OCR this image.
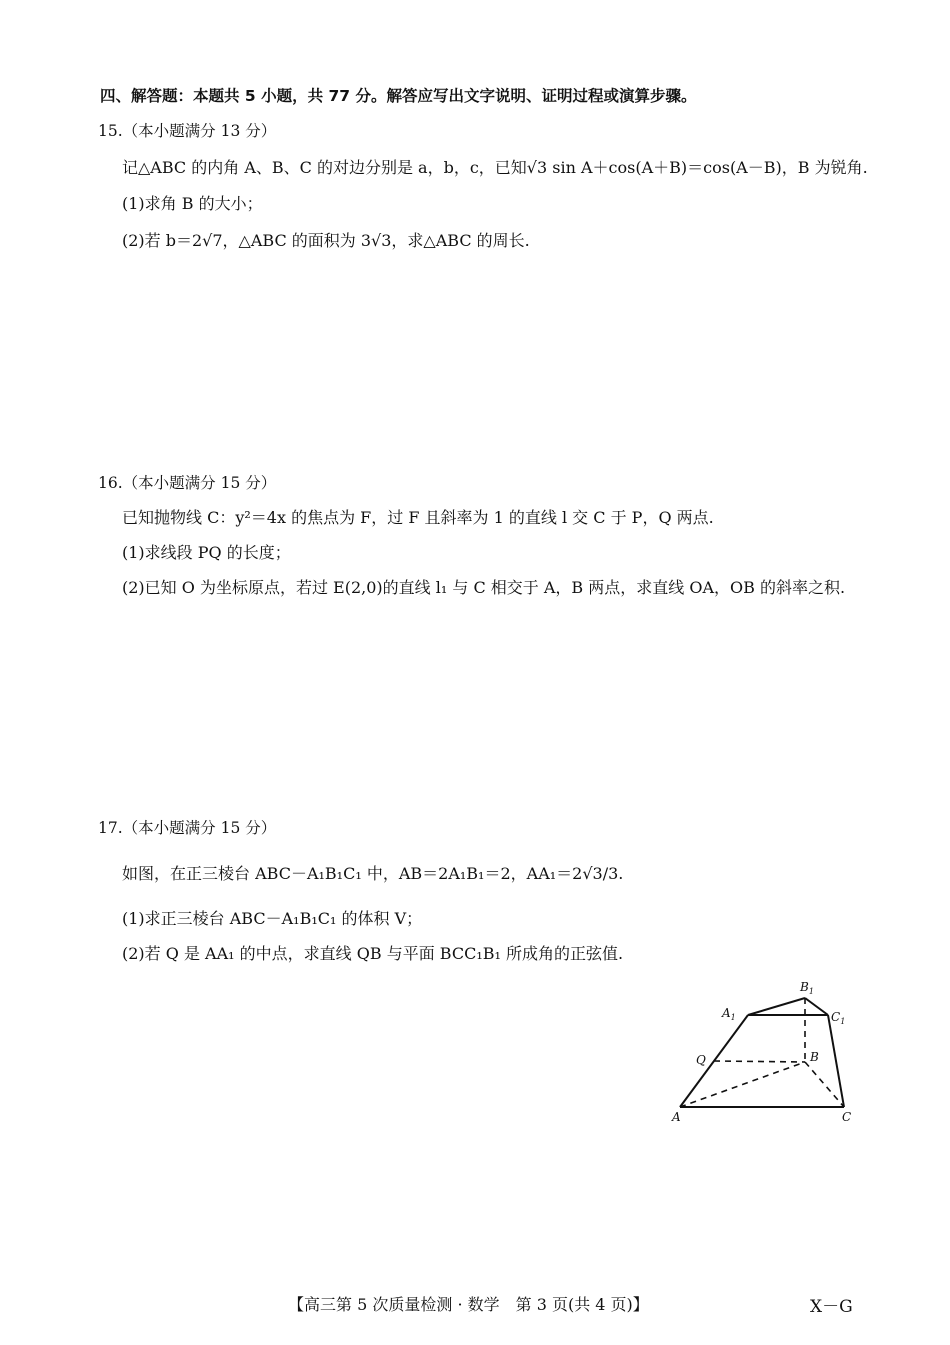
四、解答题：本题共 5 小题，共 77 分。解答应写出文字说明、证明过程或演算步骤。
15.（本小题满分 13 分）
记△ABC 的内角 A、B、C 的对边分别是 a，b，c，已知√3 sin A＋cos(A＋B)＝cos(A－B)，B 为锐角.
(1)求角 B 的大小；
(2)若 b＝2√7，△ABC 的面积为 3√3，求△ABC 的周长.
16.（本小题满分 15 分）
已知抛物线 C：y²＝4x 的焦点为 F，过 F 且斜率为 1 的直线 l 交 C 于 P，Q 两点.
(1)求线段 PQ 的长度；
(2)已知 O 为坐标原点，若过 E(2,0)的直线 l₁ 与 C 相交于 A，B 两点，求直线 OA，OB 的斜率之积.
17.（本小题满分 15 分）
如图，在正三棱台 ABC－A₁B₁C₁ 中，AB＝2A₁B₁＝2，AA₁＝2√3/3.
(1)求正三棱台 ABC－A₁B₁C₁ 的体积 V；
(2)若 Q 是 AA₁ 的中点，求直线 QB 与平面 BCC₁B₁ 所成角的正弦值.
A
B
C
$A_1$
$B_1$
$C_1$
Q
【高三第 5 次质量检测 · 数学　第 3 页(共 4 页)】	X－G
